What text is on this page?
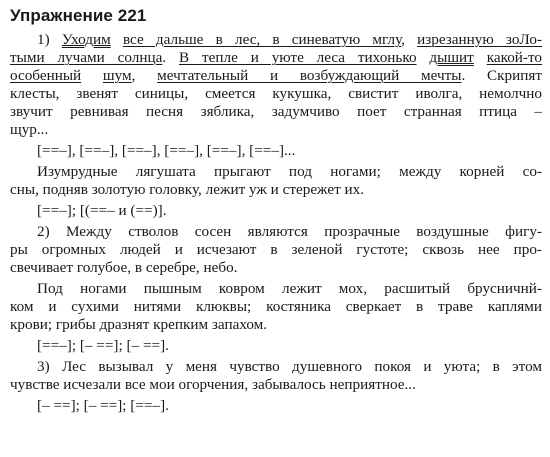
Упражнение 221
1) Уходим все дальше в лес, в синеватую мглу, изрезанную зоЛо-
тыми лучами солнца. В тепле и уюте леса тихонько дышит какой-то
особенный шум, мечтательный и возбуждающий мечты. Скрипят
клесты, звенят синицы, смеется кукушка, свистит иволга, немолчно
звучит ревнивая песня зяблика, задумчиво поет странная птица –
щур...
[==–], [==–], [==–], [==–], [==–], [==–]...
Изумрудные лягушата прыгают под ногами; между корней со-
сны, подняв золотую головку, лежит уж и стережет их.
[==–]; [(==– и (==)].
2) Между стволов сосен являются прозрачные воздушные фигу-
ры огромных людей и исчезают в зеленой густоте; сквозь нее про-
свечивает голубое, в серебре, небо.
Под ногами пышным ковром лежит мох, расшитый брусничнй-
ком и сухими нитями клюквы; костяника сверкает в траве каплями
крови; грибы дразнят крепким запахом.
[==–]; [– ==]; [– ==].
3) Лес вызывал у меня чувство душевного покоя и уюта; в этом
чувстве исчезали все мои огорчения, забывалось неприятное...
[– ==]; [– ==]; [==–].
